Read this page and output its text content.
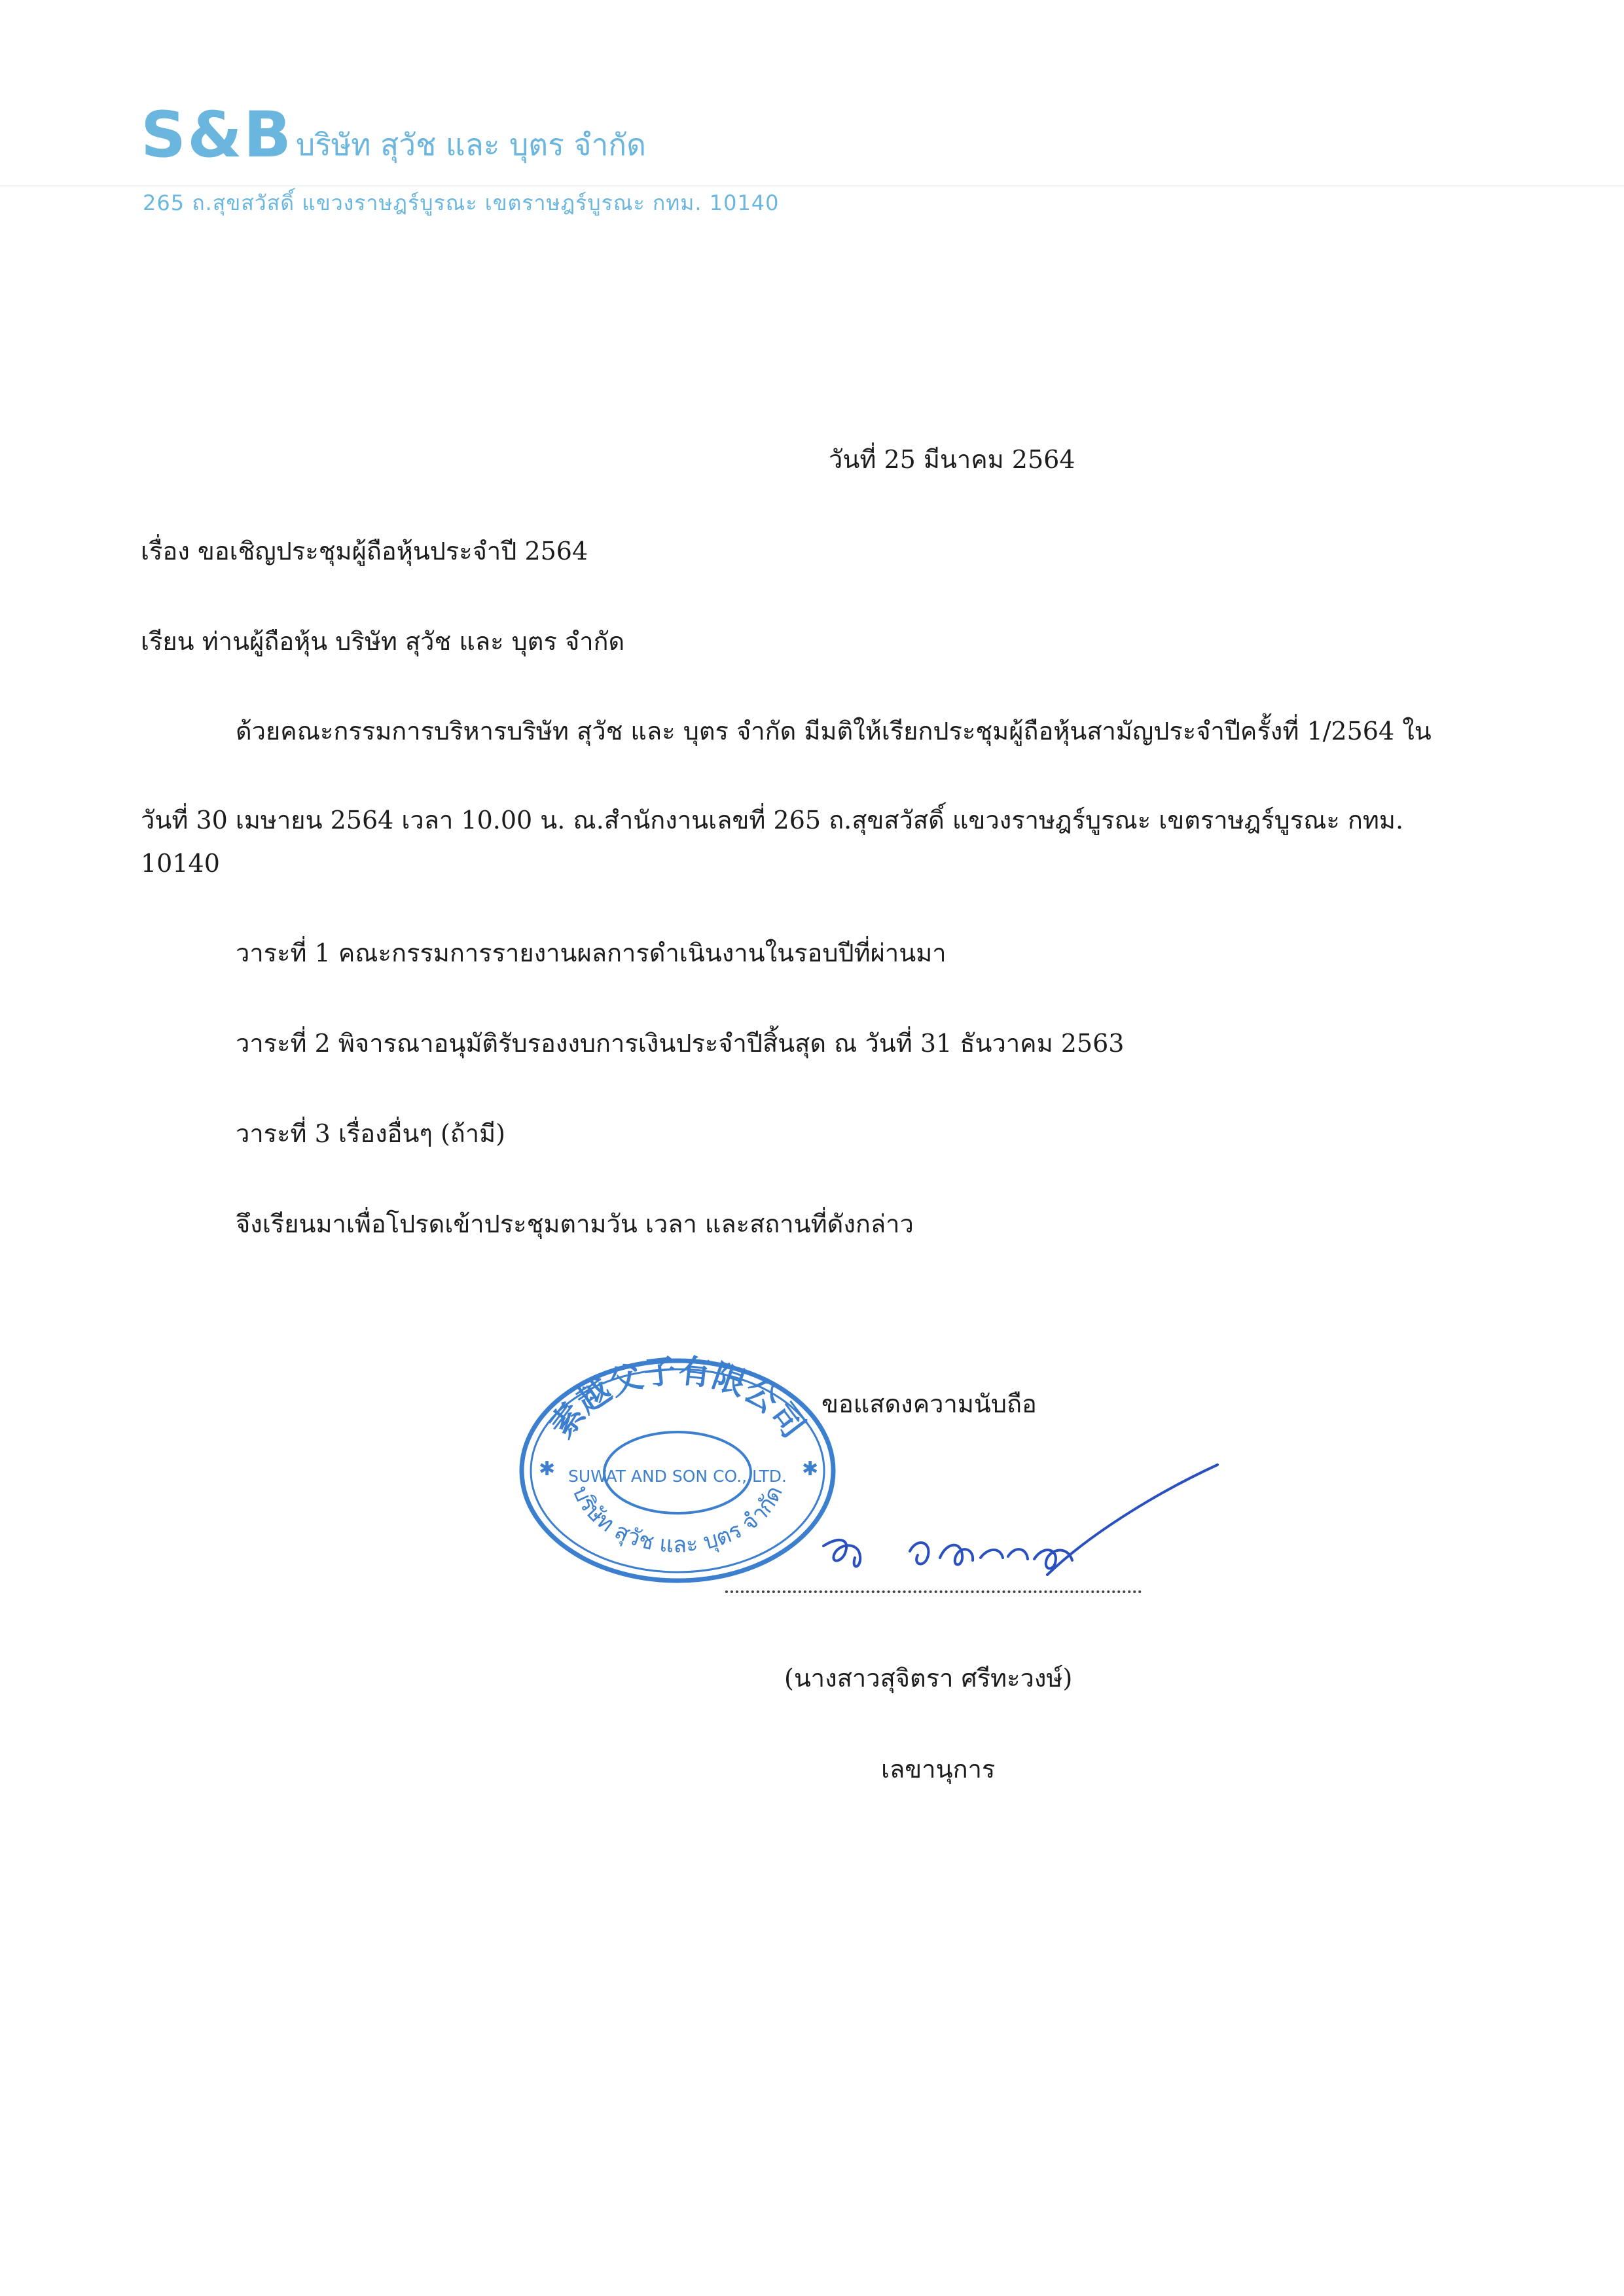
S&B บริษัท สุวัช และ บุตร จำกัด
265 ถ.สุขสวัสดิ์ แขวงราษฎร์บูรณะ เขตราษฎร์บูรณะ กทม. 10140
วันที่ 25 มีนาคม 2564
เรื่อง ขอเชิญประชุมผู้ถือหุ้นประจำปี 2564
เรียน ท่านผู้ถือหุ้น บริษัท สุวัช และ บุตร จำกัด
ด้วยคณะกรรมการบริหารบริษัท สุวัช และ บุตร จำกัด มีมติให้เรียกประชุมผู้ถือหุ้นสามัญประจำปีครั้งที่ 1/2564 ใน
วันที่ 30 เมษายน 2564 เวลา 10.00 น. ณ.สำนักงานเลขที่ 265 ถ.สุขสวัสดิ์ แขวงราษฎร์บูรณะ เขตราษฎร์บูรณะ กทม.
10140
วาระที่ 1 คณะกรรมการรายงานผลการดำเนินงานในรอบปีที่ผ่านมา
วาระที่ 2 พิจารณาอนุมัติรับรองงบการเงินประจำปีสิ้นสุด ณ วันที่ 31 ธันวาคม 2563
วาระที่ 3 เรื่องอื่นๆ (ถ้ามี)
จึงเรียนมาเพื่อโปรดเข้าประชุมตามวัน เวลา และสถานที่ดังกล่าว
ขอแสดงความนับถือ
素越父子有限公司
SUWAT AND SON CO., LTD.
บริษัท สุวัช และ บุตร จำกัด
✱	✱
(นางสาวสุจิตรา ศรีทะวงษ์)
เลขานุการ
